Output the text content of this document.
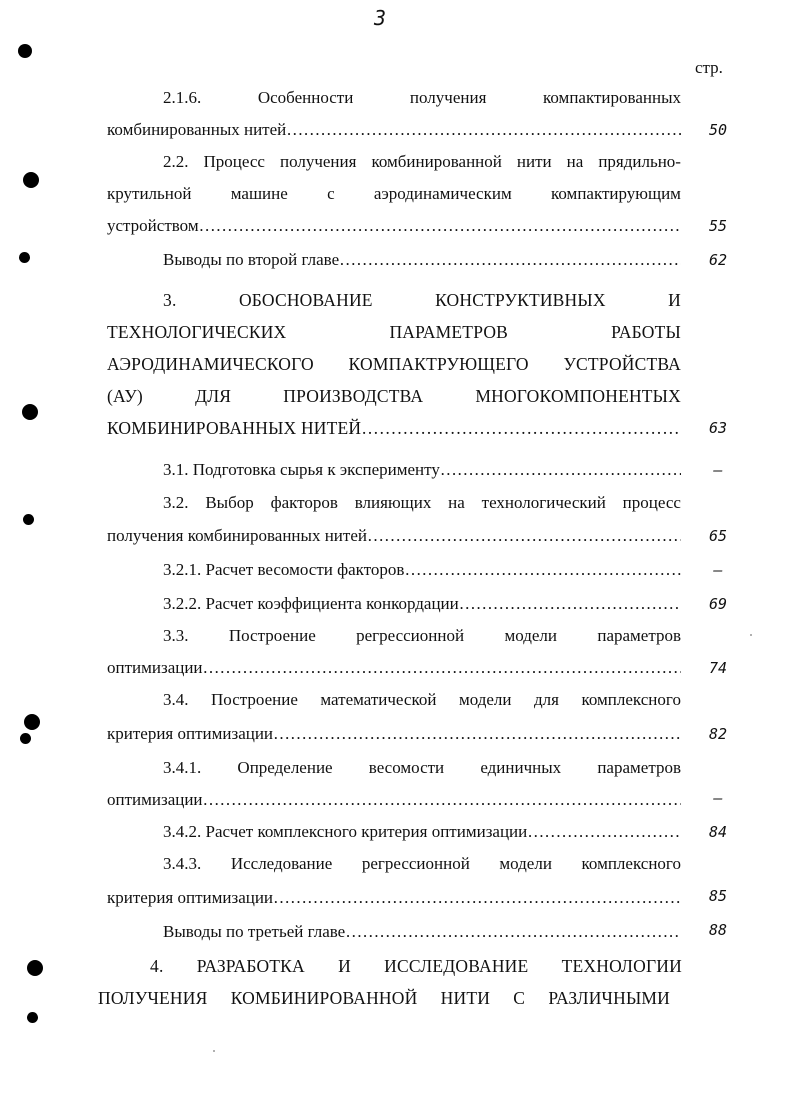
3
стр.
2.1.6.	Особенности	получения	компактированных
комбинированных нитей ……………………………………………………………………………………………………………………………………………………………………………………	50
2.2. Процесс получения комбинированной нити на прядильно-
крутильной машине с аэродинамическим компактирующим
устройством ……………………………………………………………………………………………………………………………………………………………………………………	55
Выводы по второй главе ……………………………………………………………………………………………………………………………………………………………………………………	62
3.	ОБОСНОВАНИЕ	КОНСТРУКТИВНЫХ	И
ТЕХНОЛОГИЧЕСКИХ	ПАРАМЕТРОВ	РАБОТЫ
АЭРОДИНАМИЧЕСКОГО КОМПАКТРУЮЩЕГО УСТРОЙСТВА
(АУ)	ДЛЯ	ПРОИЗВОДСТВА	МНОГОКОМПОНЕНТЫХ
КОМБИНИРОВАННЫХ НИТЕЙ ……………………………………………………………………………………………………………………………………………………………………………………	63
3.1. Подготовка сырья к эксперименту ……………………………………………………………………………………………………………………………………………………………………………………	–
3.2. Выбор факторов влияющих на технологический процесс
получения комбинированных нитей ……………………………………………………………………………………………………………………………………………………………………………………	65
3.2.1. Расчет весомости факторов ……………………………………………………………………………………………………………………………………………………………………………………	–
3.2.2. Расчет коэффициента конкордации ……………………………………………………………………………………………………………………………………………………………………………………	69
3.3. Построение регрессионной модели параметров
оптимизации ……………………………………………………………………………………………………………………………………………………………………………………	74
3.4. Построение математической модели для комплексного
критерия оптимизации ……………………………………………………………………………………………………………………………………………………………………………………	82
3.4.1. Определение весомости единичных параметров
оптимизации ……………………………………………………………………………………………………………………………………………………………………………………	–
3.4.2. Расчет комплексного критерия оптимизации ……………………………………………………………………………………………………………………………………………………………………………………	84
3.4.3. Исследование регрессионной модели комплексного
критерия оптимизации ……………………………………………………………………………………………………………………………………………………………………………………	85
Выводы по третьей главе ……………………………………………………………………………………………………………………………………………………………………………………	88
4. РАЗРАБОТКА И ИССЛЕДОВАНИЕ ТЕХНОЛОГИИ
ПОЛУЧЕНИЯ КОМБИНИРОВАННОЙ НИТИ С РАЗЛИЧНЫМИ
